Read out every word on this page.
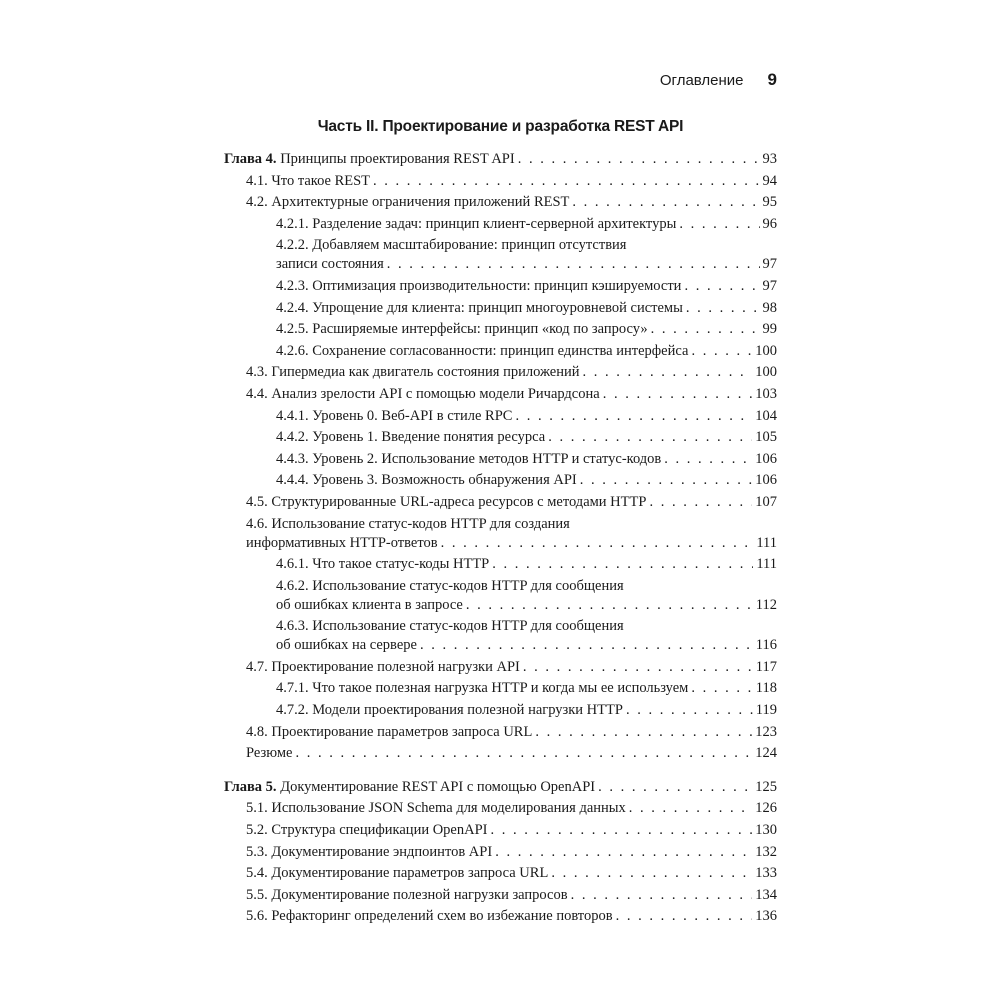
Оглавление 9
Часть II. Проектирование и разработка REST API
Глава 4. Принципы проектирования REST API . . .	93
4.1. Что такое REST . . .	94
4.2. Архитектурные ограничения приложений REST . . .	95
4.2.1. Разделение задач: принцип клиент-серверной архитектуры . . .	96
4.2.2. Добавляем масштабирование: принцип отсутствия
записи состояния . . .	97
4.2.3. Оптимизация производительности: принцип кэшируемости . . .	97
4.2.4. Упрощение для клиента: принцип многоуровневой системы . . .	98
4.2.5. Расширяемые интерфейсы: принцип «код по запросу» . . .	99
4.2.6. Сохранение согласованности: принцип единства интерфейса . . .	100
4.3. Гипермедиа как двигатель состояния приложений . . .	100
4.4. Анализ зрелости API с помощью модели Ричардсона . . .	103
4.4.1. Уровень 0. Веб-API в стиле RPC . . .	104
4.4.2. Уровень 1. Введение понятия ресурса . . .	105
4.4.3. Уровень 2. Использование методов HTTP и статус-кодов . . .	106
4.4.4. Уровень 3. Возможность обнаружения API . . .	106
4.5. Структурированные URL-адреса ресурсов с методами HTTP . . .	107
4.6. Использование статус-кодов HTTP для создания
информативных HTTP-ответов . . .	111
4.6.1. Что такое статус-коды HTTP . . .	111
4.6.2. Использование статус-кодов HTTP для сообщения
об ошибках клиента в запросе . . .	112
4.6.3. Использование статус-кодов HTTP для сообщения
об ошибках на сервере . . .	116
4.7. Проектирование полезной нагрузки API . . .	117
4.7.1. Что такое полезная нагрузка HTTP и когда мы ее используем . . .	118
4.7.2. Модели проектирования полезной нагрузки HTTP . . .	119
4.8. Проектирование параметров запроса URL . . .	123
Резюме . . .	124
Глава 5. Документирование REST API с помощью OpenAPI . . .	125
5.1. Использование JSON Schema для моделирования данных . . .	126
5.2. Структура спецификации OpenAPI . . .	130
5.3. Документирование эндпоинтов API . . .	132
5.4. Документирование параметров запроса URL . . .	133
5.5. Документирование полезной нагрузки запросов . . .	134
5.6. Рефакторинг определений схем во избежание повторов . . .	136
